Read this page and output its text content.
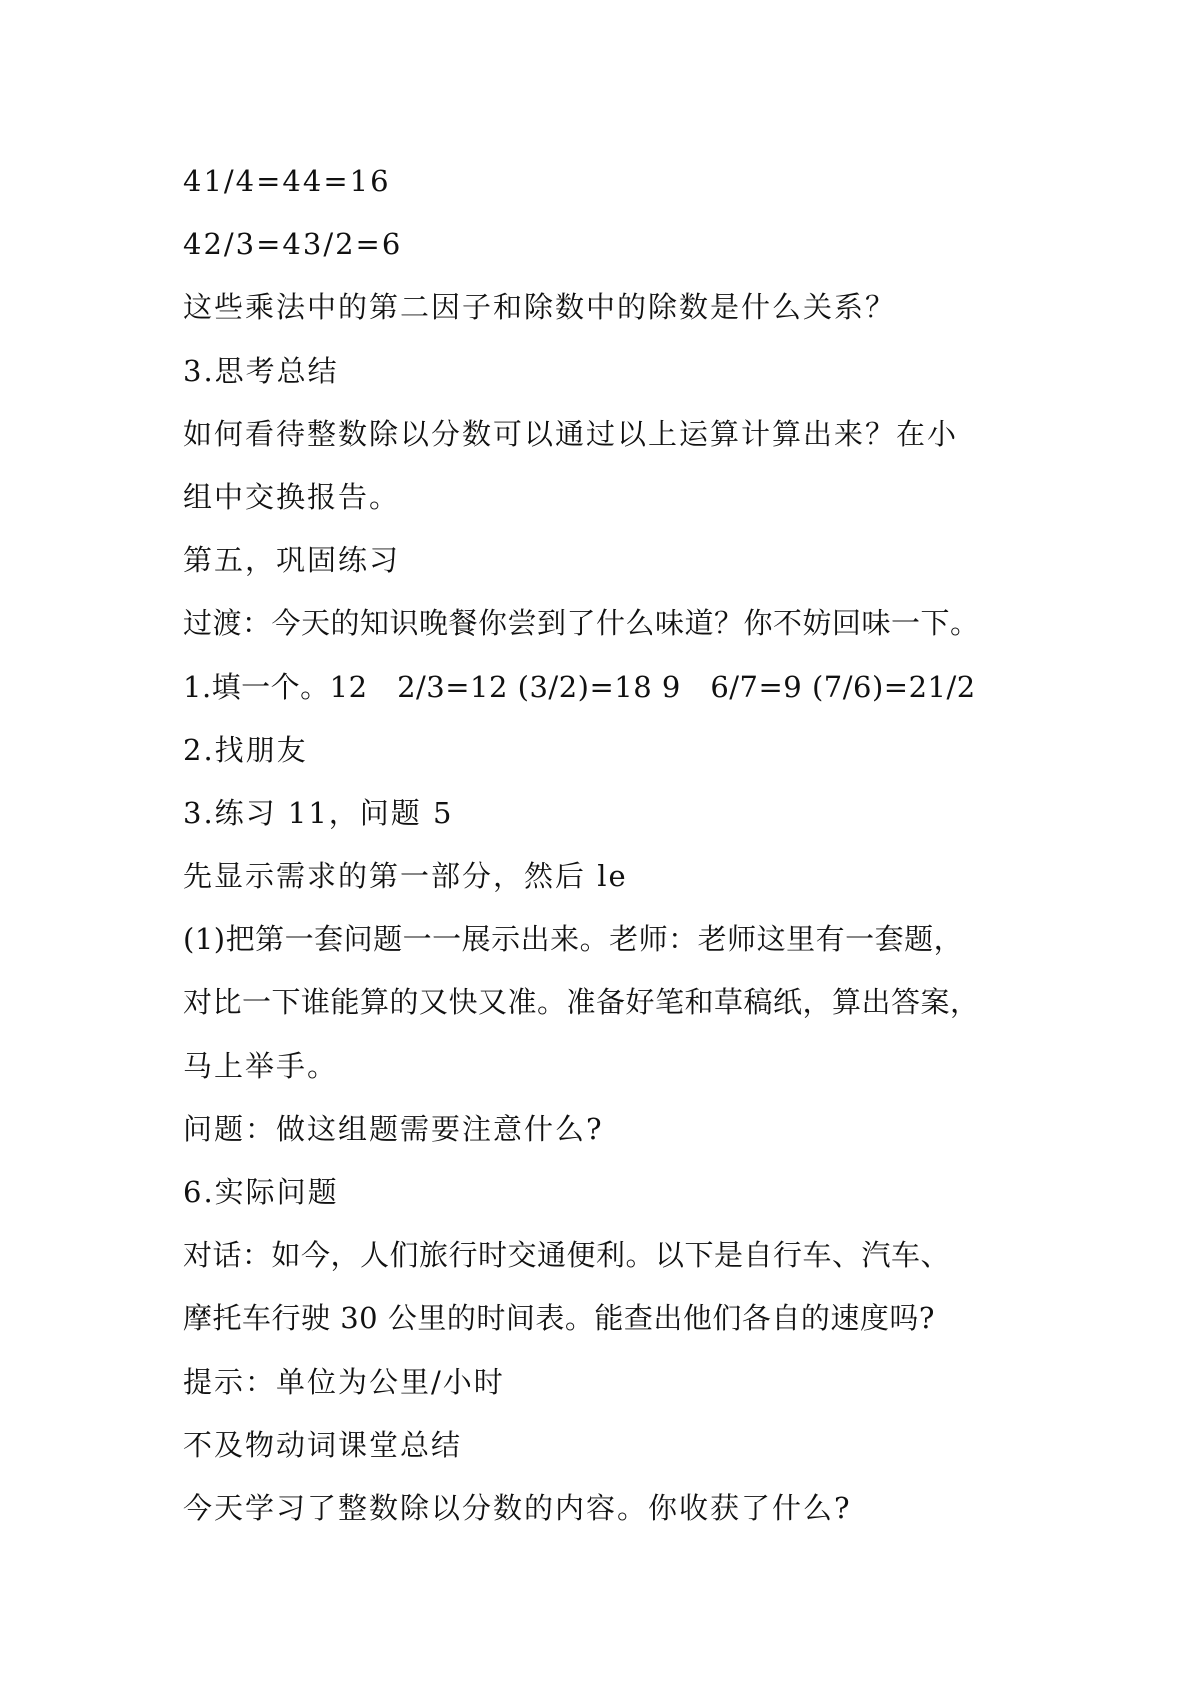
41/4=44=16
42/3=43/2=6
这些乘法中的第二因子和除数中的除数是什么关系？
3.思考总结
如何看待整数除以分数可以通过以上运算计算出来？在小
组中交换报告。
第五，巩固练习
过渡：今天的知识晚餐你尝到了什么味道？你不妨回味一下。
1.填一个。12　2/3=12 (3/2)=18 9　6/7=9 (7/6)=21/2
2.找朋友
3.练习 11，问题 5
先显示需求的第一部分，然后 le
(1)把第一套问题一一展示出来。老师：老师这里有一套题，
对比一下谁能算的又快又准。准备好笔和草稿纸，算出答案，
马上举手。
问题：做这组题需要注意什么?
6.实际问题
对话：如今，人们旅行时交通便利。以下是自行车、汽车、
摩托车行驶 30 公里的时间表。能查出他们各自的速度吗?
提示：单位为公里/小时
不及物动词课堂总结
今天学习了整数除以分数的内容。你收获了什么?
